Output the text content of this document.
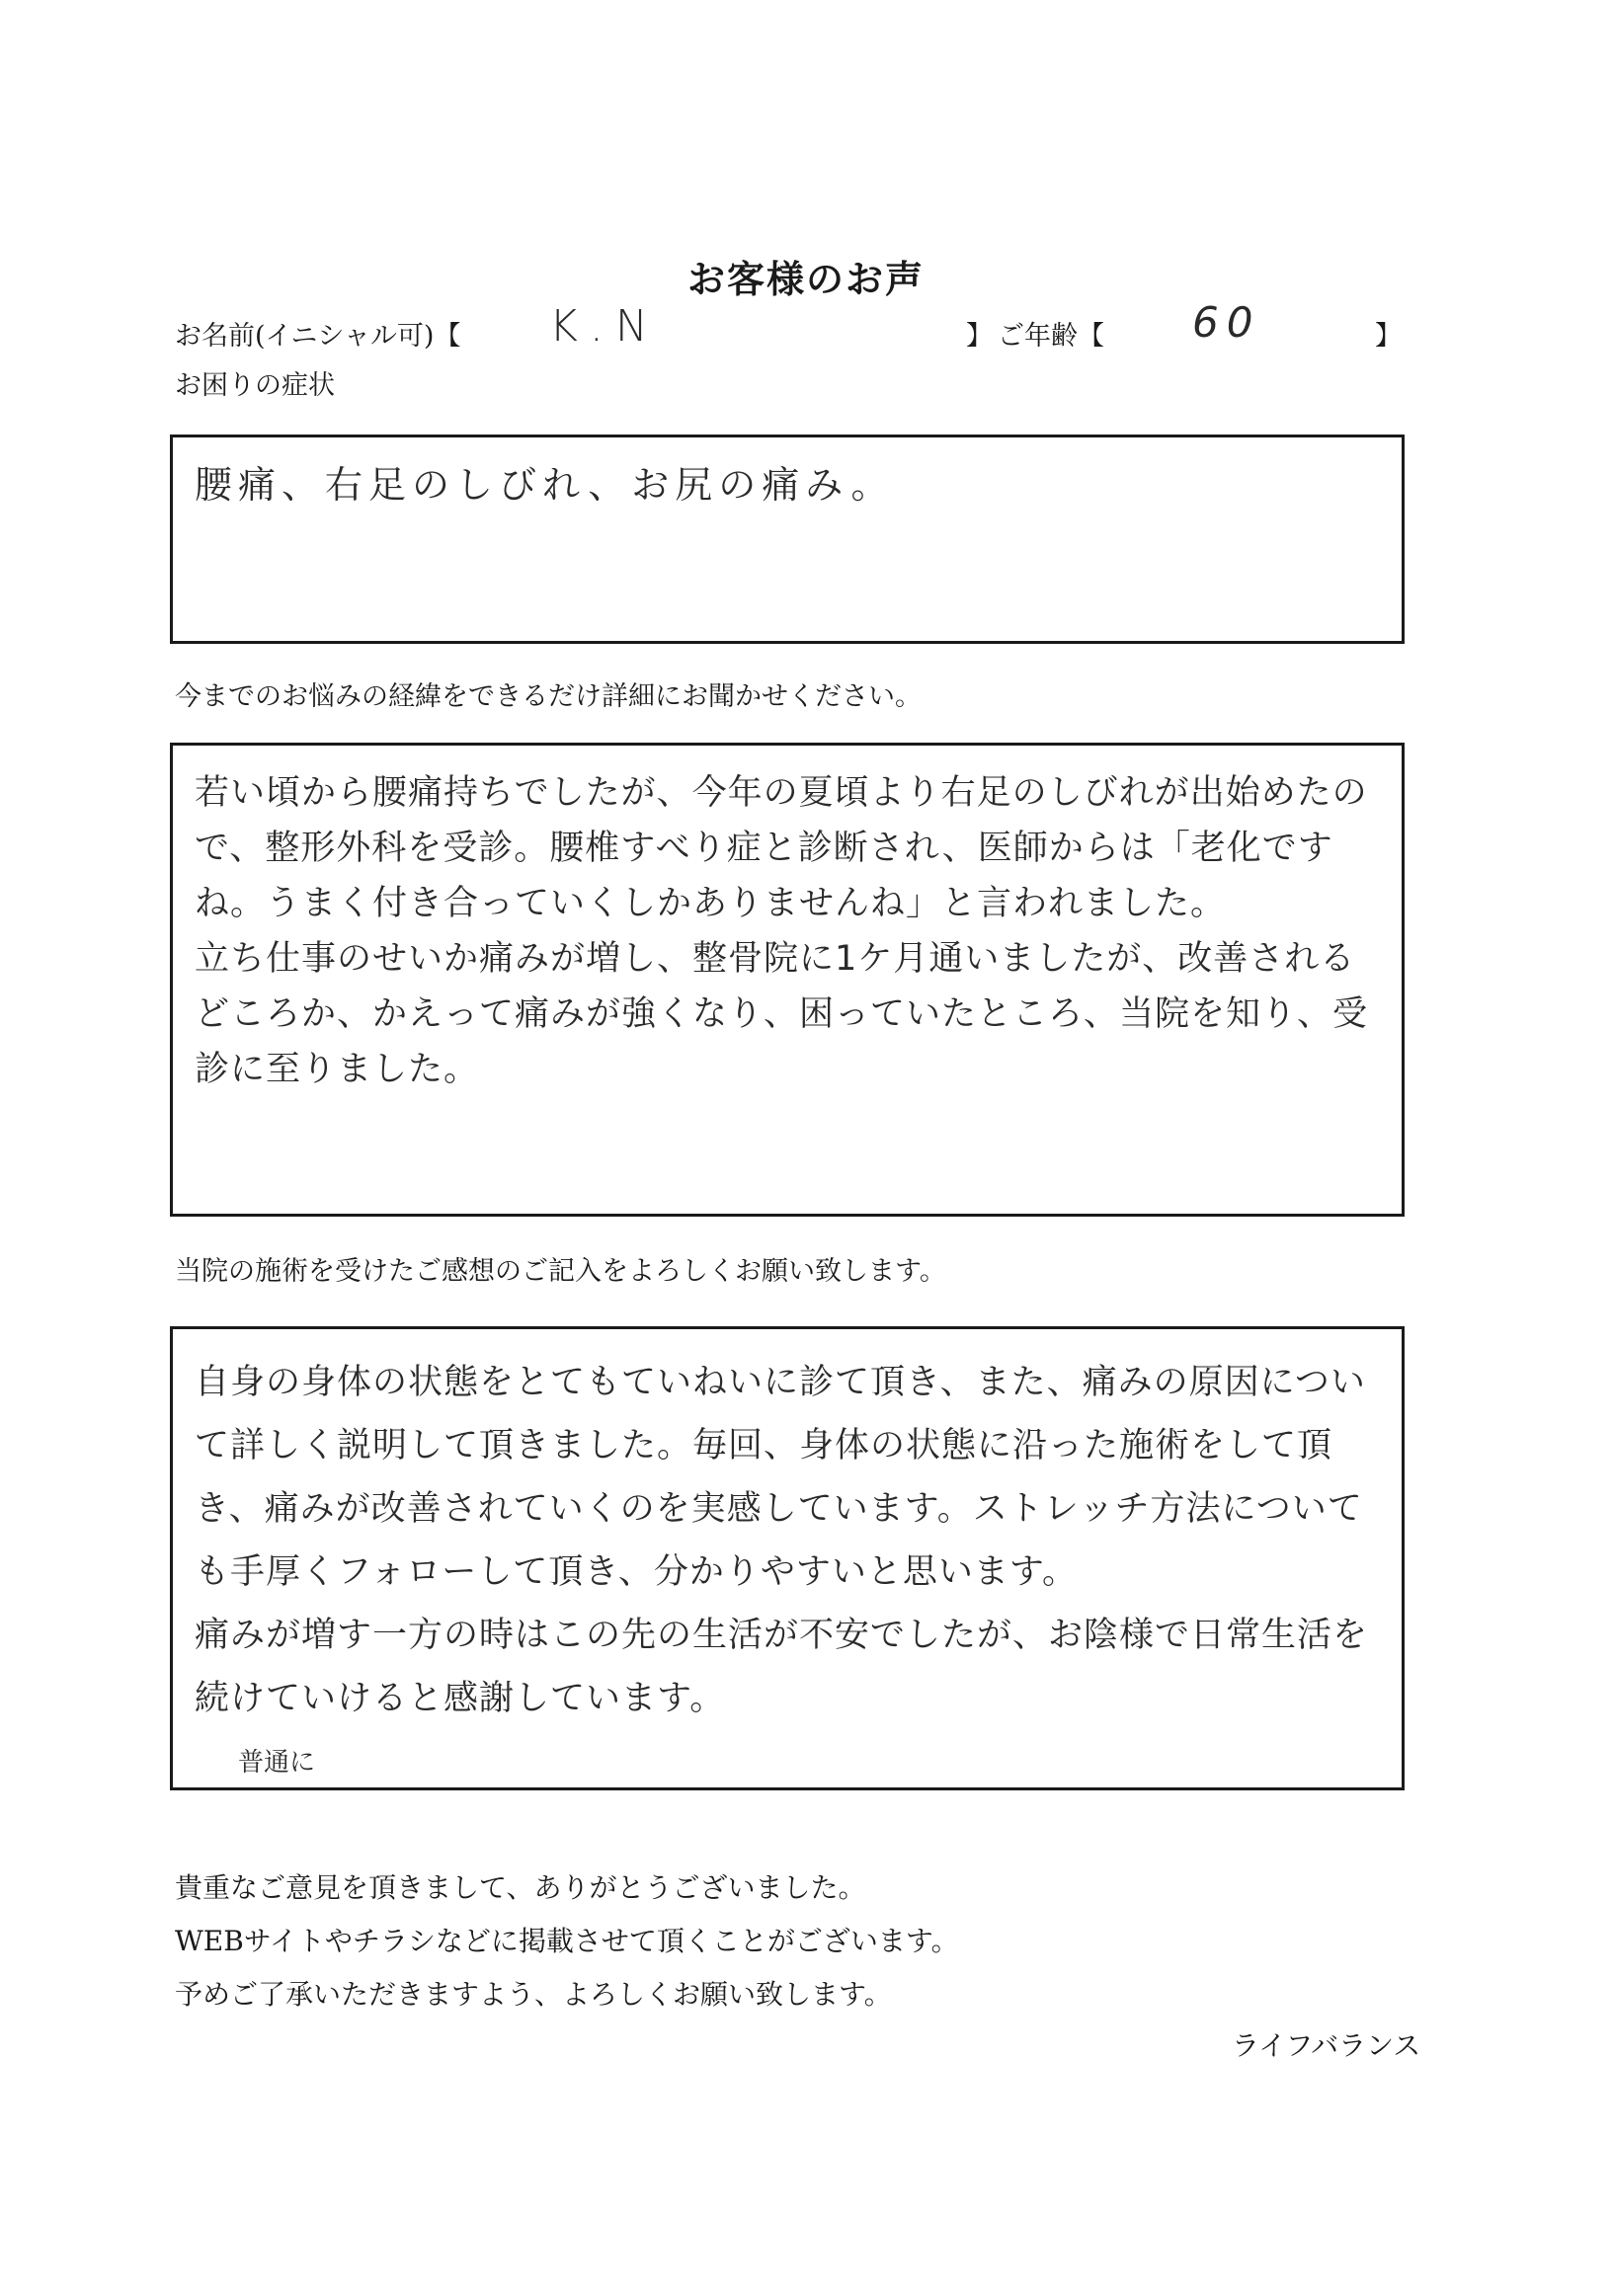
お客様のお声
お名前(イニシャル可)【 K.N	】 ご年齢【 60	】
お困りの症状
腰痛、右足のしびれ、お尻の痛み。
今までのお悩みの経緯をできるだけ詳細にお聞かせください。
若い頃から腰痛持ちでしたが、今年の夏頃より右足のしびれが出始めたので、整形外科を受診。腰椎すべり症と診断され、医師からは「老化ですね。うまく付き合っていくしかありませんね」と言われました。
立ち仕事のせいか痛みが増し、整骨院に1ケ月通いましたが、改善されるどころか、かえって痛みが強くなり、困っていたところ、当院を知り、受診に至りました。
当院の施術を受けたご感想のご記入をよろしくお願い致します。
自身の身体の状態をとてもていねいに診て頂き、また、痛みの原因について詳しく説明して頂きました。毎回、身体の状態に沿った施術をして頂き、痛みが改善されていくのを実感しています。ストレッチ方法についても手厚くフォローして頂き、分かりやすいと思います。
痛みが増す一方の時はこの先の生活が不安でしたが、お陰様で日常生活を続けていけると感謝しています。
普通に
貴重なご意見を頂きまして、ありがとうございました。
WEBサイトやチラシなどに掲載させて頂くことがございます。
予めご了承いただきますよう、よろしくお願い致します。
ライフバランス
